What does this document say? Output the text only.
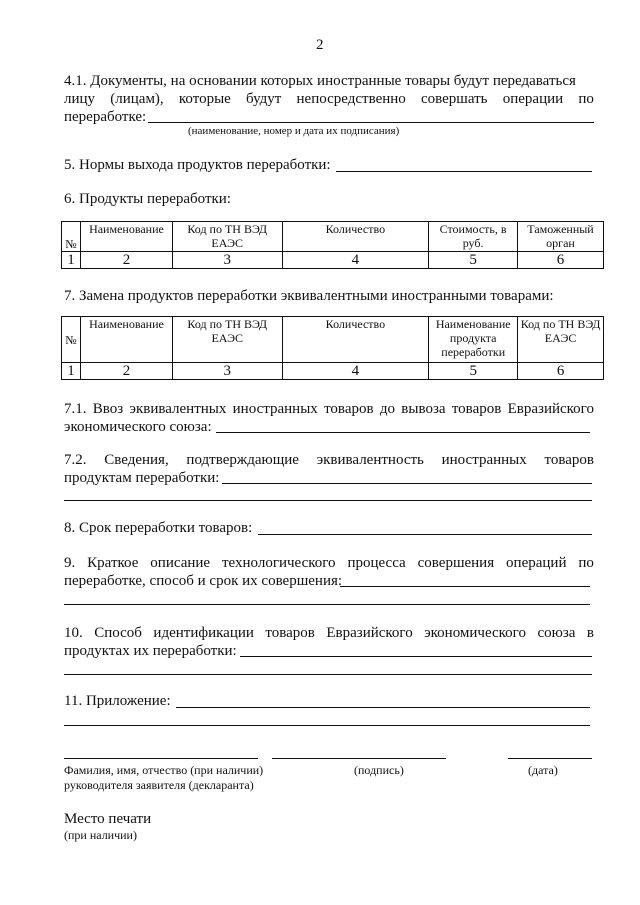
2
4.1. Документы, на основании которых иностранные товары будут передаваться
лицу (лицам), которые будут непосредственно совершать операции по
переработке:
(наименование, номер и дата их подписания)
5. Нормы выхода продуктов переработки:
6. Продукты переработки:
№	Наименование	Код по ТН ВЭД ЕАЭС	Количество	Стоимость, в руб.	Таможенный орган
1	2	3	4	5	6
7. Замена продуктов переработки эквивалентными иностранными товарами:
№	Наименование	Код по ТН ВЭД ЕАЭС	Количество	Наименование продукта переработки	Код по ТН ВЭД ЕАЭС
1	2	3	4	5	6
7.1. Ввоз эквивалентных иностранных товаров до вывоза товаров Евразийского
экономического союза:
7.2. Сведения, подтверждающие эквивалентность иностранных товаров
продуктам переработки:
8. Срок переработки товаров:
9. Краткое описание технологического процесса совершения операций по
переработке, способ и срок их совершения:
10. Способ идентификации товаров Евразийского экономического союза в
продуктах их переработки:
11. Приложение:
Фамилия, имя, отчество (при наличии)
руководителя заявителя (декларанта)
(подпись)	(дата)
Место печати
(при наличии)
